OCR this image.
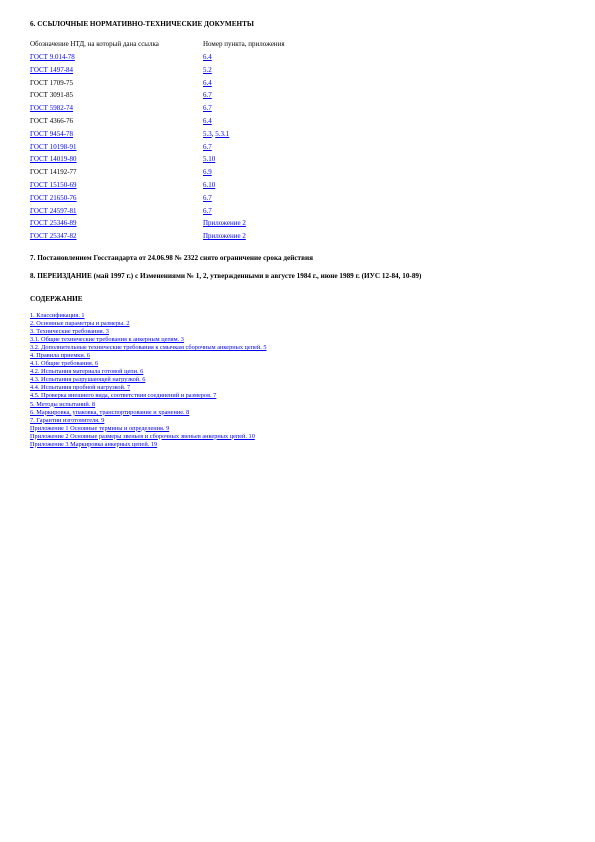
6. ССЫЛОЧНЫЕ НОРМАТИВНО-ТЕХНИЧЕСКИЕ ДОКУМЕНТЫ
Обозначение НТД, на который дана ссылка	Номер пункта, приложения
ГОСТ 9.014-78	6.4
ГОСТ 1497-84	5.2
ГОСТ 1709-75	6.4
ГОСТ 3091-85	6.7
ГОСТ 5982-74	6.7
ГОСТ 4366-76	6.4
ГОСТ 9454-78	5.3, 5.3.1
ГОСТ 10198-91	6.7
ГОСТ 14019-80	5.10
ГОСТ 14192-77	6.9
ГОСТ 15150-69	6.10
ГОСТ 21650-76	6.7
ГОСТ 24597-81	6.7
ГОСТ 25346-89	Приложение 2
ГОСТ 25347-82	Приложение 2
7. Постановлением Госстандарта от 24.06.98 № 2322 снято ограничение срока действия
8. ПЕРЕИЗДАНИЕ (май 1997 г.) с Изменениями № 1, 2, утвержденными в августе 1984 г., июне 1989 г. (ИУС 12-84, 10-89)
СОДЕРЖАНИЕ
1. Классификация. 1
2. Основные параметры и размеры. 2
3. Технические требования. 3
3.1. Общие технические требования к анкерным цепям. 3
3.2. Дополнительные технические требования к смычкам сборочным анкерных цепей. 5
4. Правила приемки. 6
4.1. Общие требования. 6
4.2. Испытания материала готовой цепи. 6
4.3. Испытания разрушающей нагрузкой. 6
4.4. Испытания пробной нагрузкой. 7
4.5. Проверка внешнего вида, соответствия соединений и размеров. 7
5. Методы испытаний. 8
6. Маркировка, упаковка, транспортирование и хранение. 8
7. Гарантии изготовителя. 9
Приложение 1 Основные термины и определения. 9
Приложение 2 Основные размеры звеньев и сборочных звеньев анкерных цепей. 10
Приложение 3 Маркировка анкерных цепей. 19
